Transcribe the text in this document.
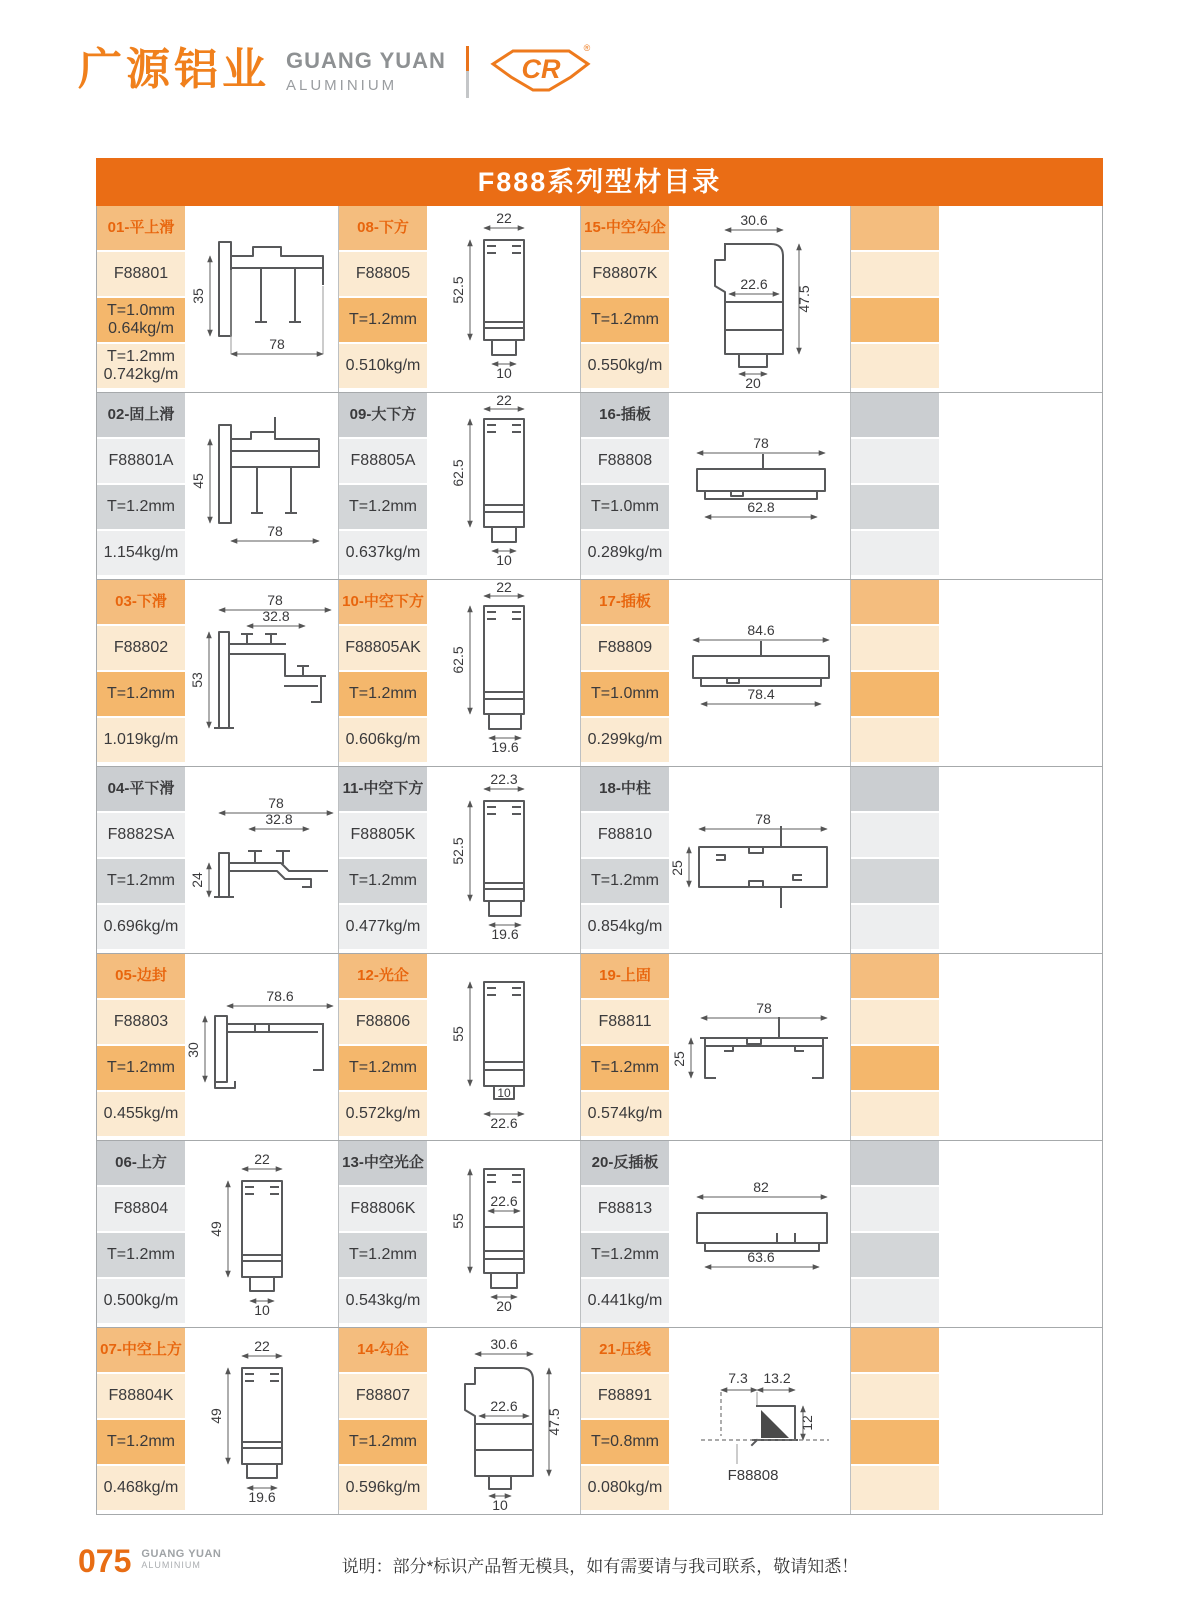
广源铝业 GUANG YUAN
ALUMINIUM
CR
®
F888系列型材目录
01-平上滑
F88801
T=1.0mm
0.64kg/m
T=1.2mm
0.742kg/m
35
78
08-下方
F88805
T=1.2mm
0.510kg/m
22
52.5
10
15-中空勾企
F88807K
T=1.2mm
0.550kg/m
30.6
22.6
47.5
20
02-固上滑
F88801A
T=1.2mm
1.154kg/m
45
78
09-大下方
F88805A
T=1.2mm
0.637kg/m
22
62.5
10
16-插板
F88808
T=1.0mm
0.289kg/m
78
62.8
03-下滑
F88802
T=1.2mm
1.019kg/m
78
32.8
53
10-中空下方
F88805AK
T=1.2mm
0.606kg/m
22
62.5
19.6
17-插板
F88809
T=1.0mm
0.299kg/m
84.6
78.4
04-平下滑
F8882SA
T=1.2mm
0.696kg/m
78
32.8
24
11-中空下方
F88805K
T=1.2mm
0.477kg/m
22.3
52.5
19.6
18-中柱
F88810
T=1.2mm
0.854kg/m
78
25
05-边封
F88803
T=1.2mm
0.455kg/m
78.6
30
12-光企
F88806
T=1.2mm
0.572kg/m
10
22.6
55
19-上固
F88811
T=1.2mm
0.574kg/m
78
25
06-上方
F88804
T=1.2mm
0.500kg/m
22
49
10
13-中空光企
F88806K
T=1.2mm
0.543kg/m
22.6
20
55
20-反插板
F88813
T=1.2mm
0.441kg/m
82
63.6
07-中空上方
F88804K
T=1.2mm
0.468kg/m
22
49
19.6
14-勾企
F88807
T=1.2mm
0.596kg/m
30.6
22.6
47.5
10
21-压线
F88891
T=0.8mm
0.080kg/m
7.3 13.2
12
F88808
075 GUANG YUAN
ALUMINIUM	说明：部分*标识产品暂无模具，如有需要请与我司联系，敬请知悉！
